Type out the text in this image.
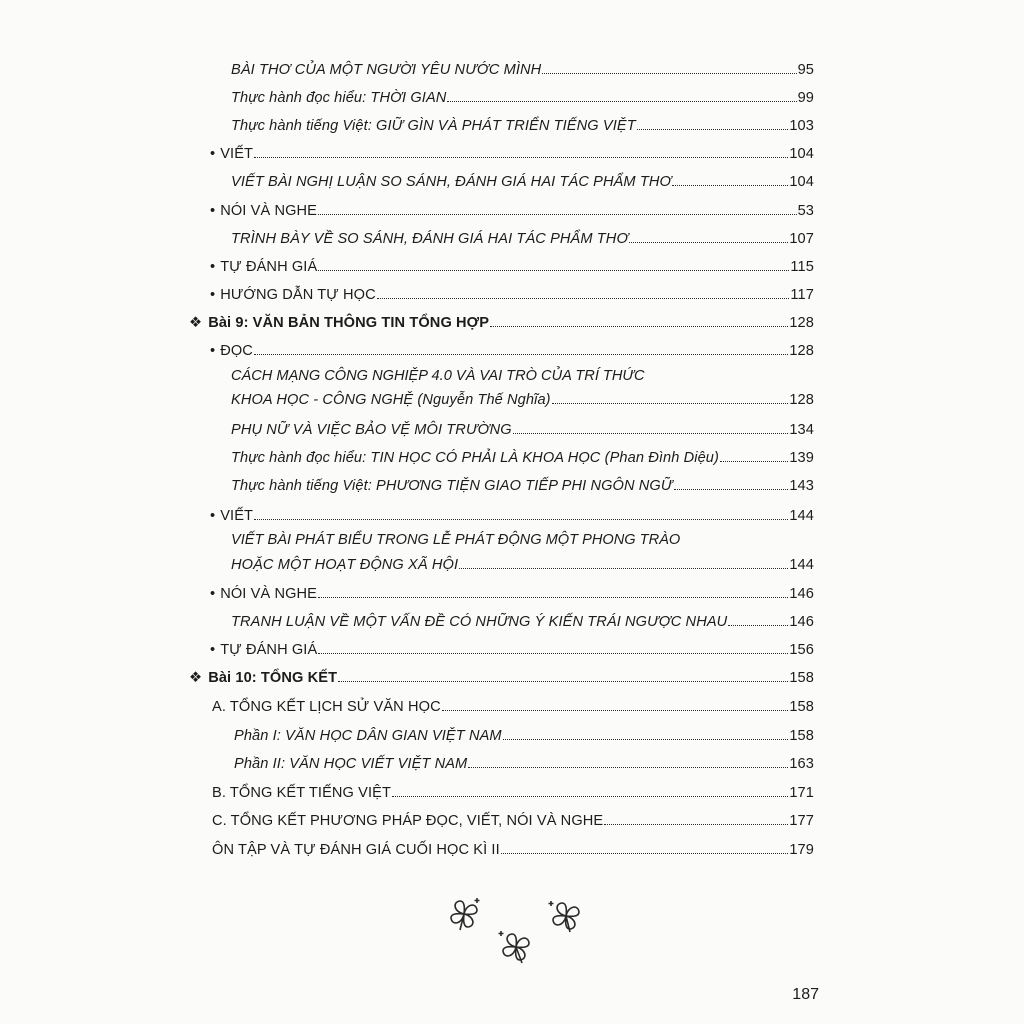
BÀI THƠ CỦA MỘT NGƯỜI YÊU NƯỚC MÌNH	95
Thực hành đọc hiểu: THỜI GIAN	99
Thực hành tiếng Việt: GIỮ GÌN VÀ PHÁT TRIỂN TIẾNG VIỆT	103
• VIẾT	104
VIẾT BÀI NGHỊ LUẬN SO SÁNH, ĐÁNH GIÁ HAI TÁC PHẨM THƠ	104
• NÓI VÀ NGHE	53
TRÌNH BÀY VỀ SO SÁNH, ĐÁNH GIÁ HAI TÁC PHẨM THƠ	107
• TỰ ĐÁNH GIÁ	115
• HƯỚNG DẪN TỰ HỌC	117
❖ Bài 9: VĂN BẢN THÔNG TIN TỔNG HỢP	128
• ĐỌC	128
CÁCH MẠNG CÔNG NGHIỆP 4.0 VÀ VAI TRÒ CỦA TRÍ THỨC
KHOA HỌC - CÔNG NGHỆ (Nguyễn Thế Nghĩa)	128
PHỤ NỮ VÀ VIỆC BẢO VỆ MÔI TRƯỜNG	134
Thực hành đọc hiểu: TIN HỌC CÓ PHẢI LÀ KHOA HỌC (Phan Đình Diệu)	139
Thực hành tiếng Việt: PHƯƠNG TIỆN GIAO TIẾP PHI NGÔN NGỮ	143
• VIẾT	144
VIẾT BÀI PHÁT BIỂU TRONG LỄ PHÁT ĐỘNG MỘT PHONG TRÀO
HOẶC MỘT HOẠT ĐỘNG XÃ HỘI	144
• NÓI VÀ NGHE	146
TRANH LUẬN VỀ MỘT VẤN ĐỀ CÓ NHỮNG Ý KIẾN TRÁI NGƯỢC NHAU	146
• TỰ ĐÁNH GIÁ	156
❖ Bài 10: TỔNG KẾT	158
A. TỔNG KẾT LỊCH SỬ VĂN HỌC	158
Phần I: VĂN HỌC DÂN GIAN VIỆT NAM	158
Phần II: VĂN HỌC VIẾT VIỆT NAM	163
B. TỔNG KẾT TIẾNG VIỆT	171
C. TỔNG KẾT PHƯƠNG PHÁP ĐỌC, VIẾT, NÓI VÀ NGHE	177
ÔN TẬP VÀ TỰ ĐÁNH GIÁ CUỐI HỌC KÌ II	179
187
